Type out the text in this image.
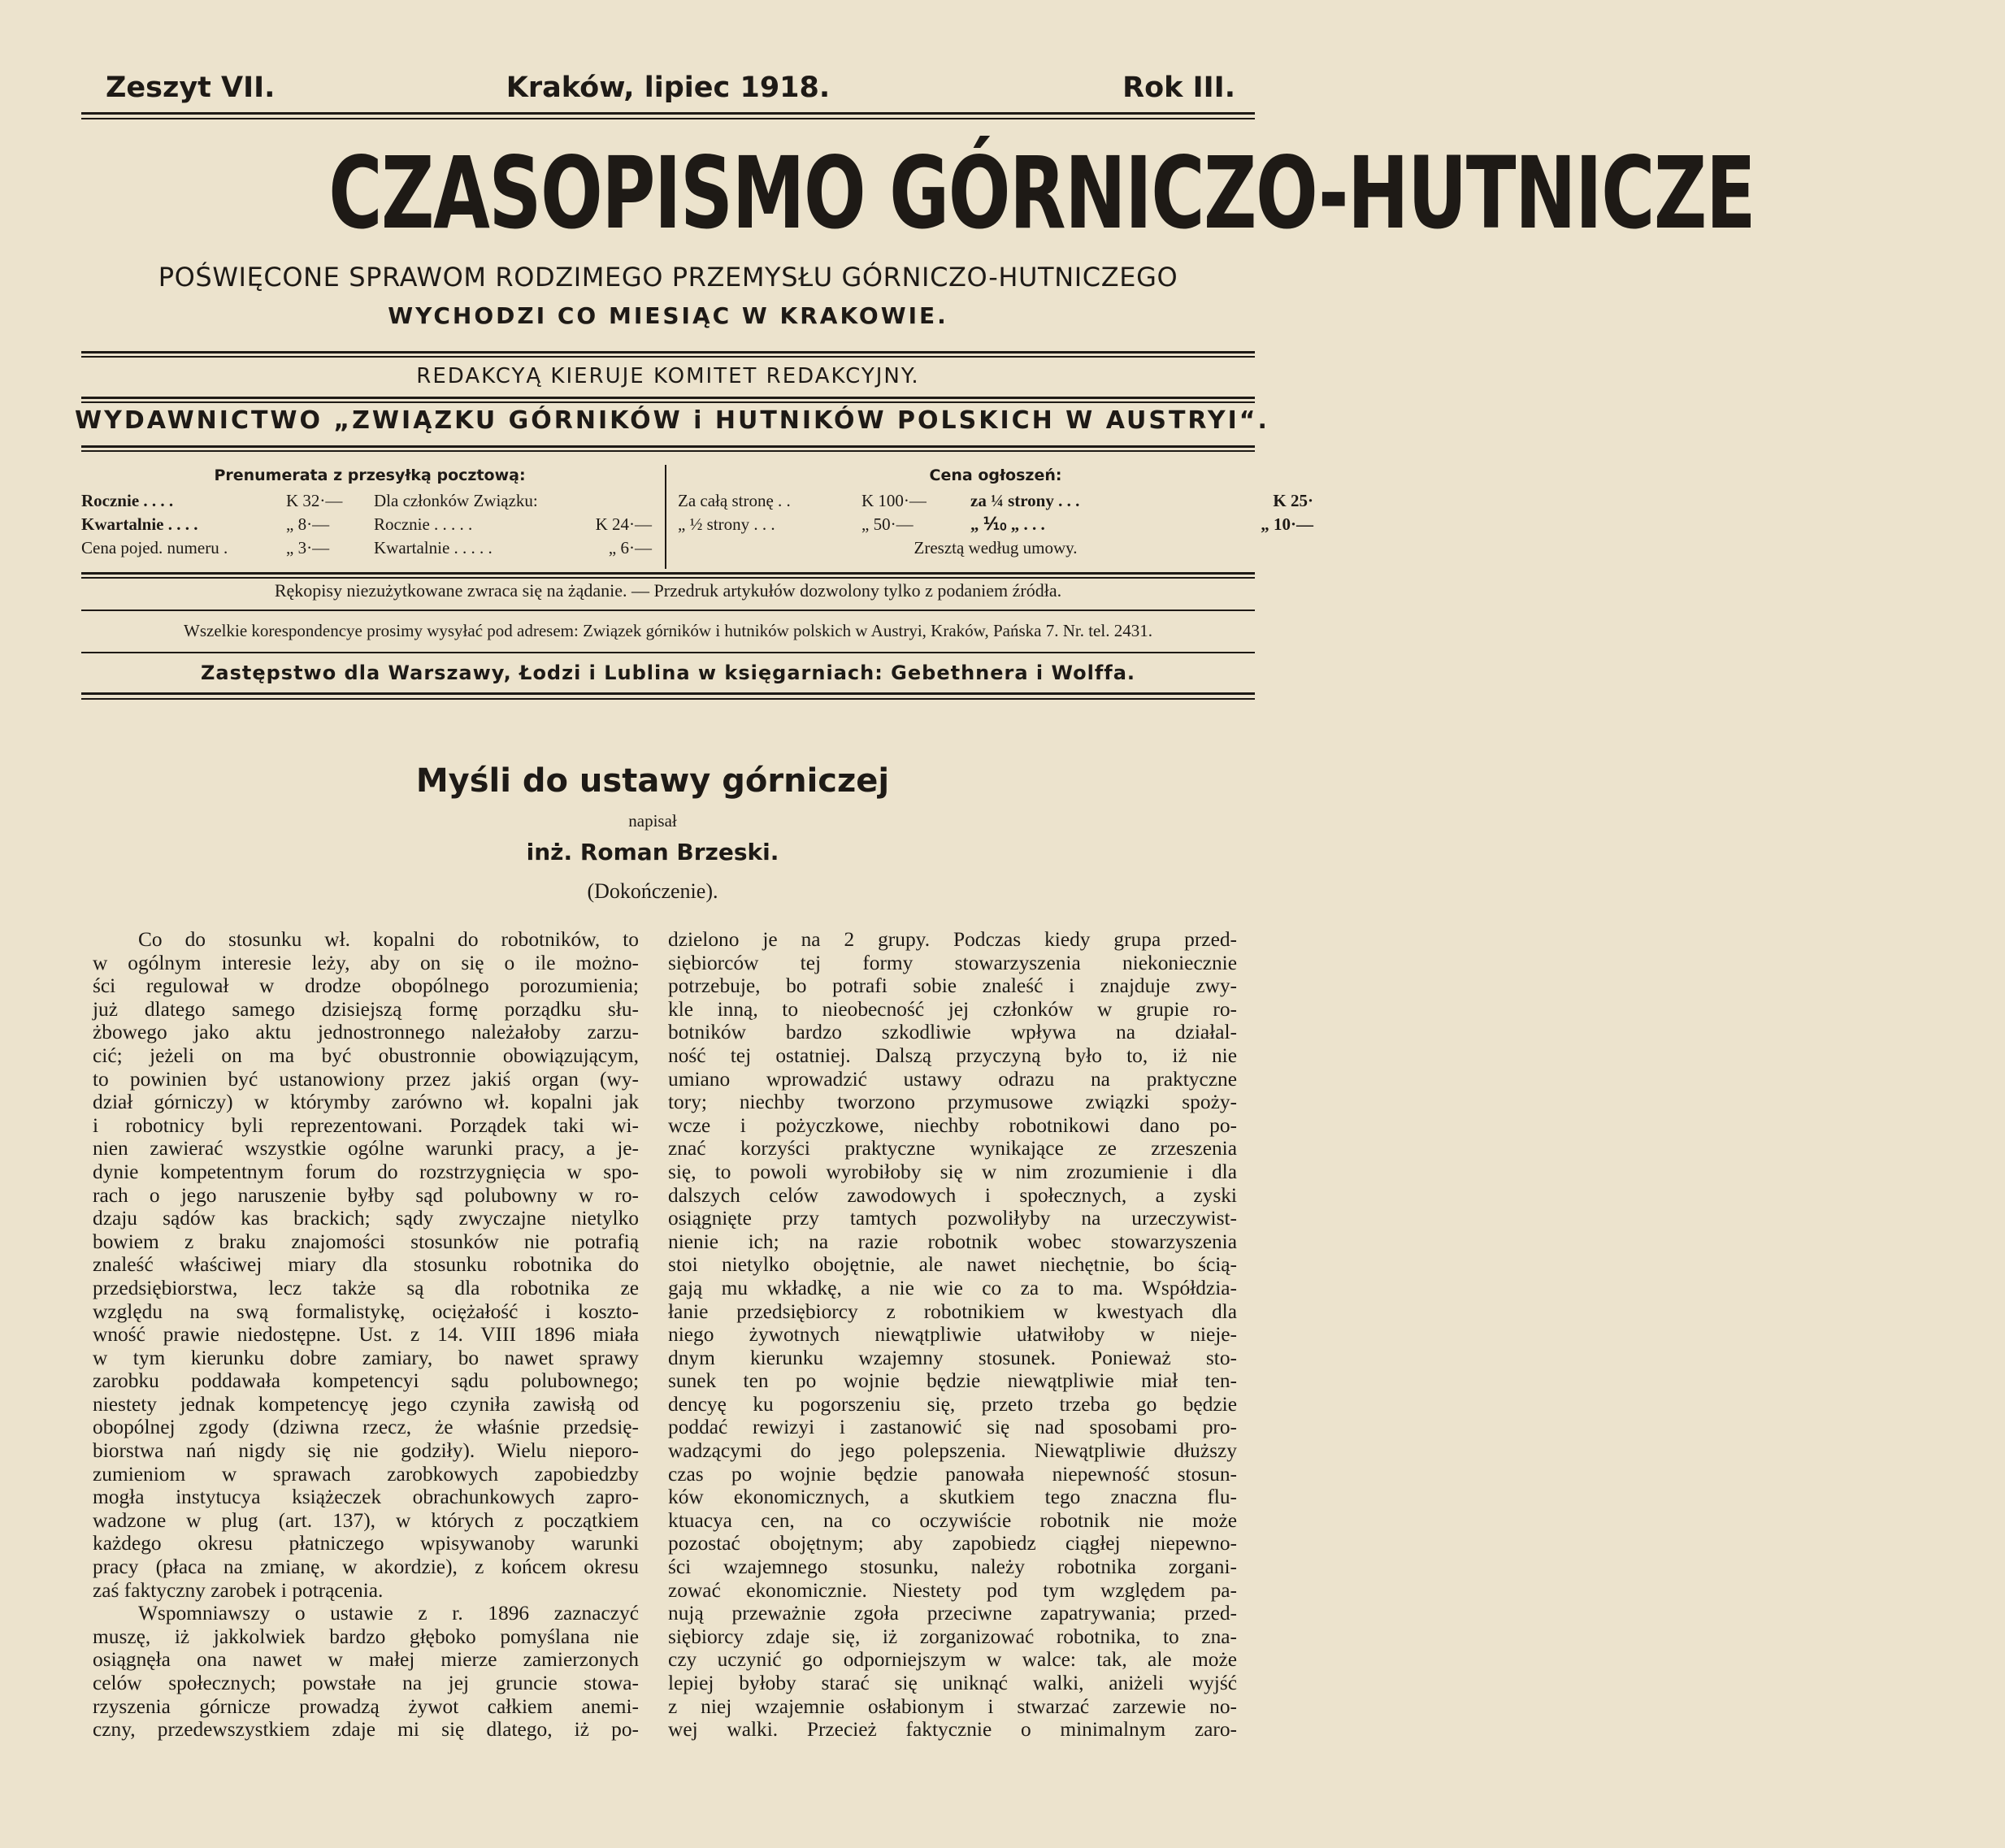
Zeszyt VII.	Kraków, lipiec 1918.	Rok III.
CZASOPISMO GÓRNICZO-HUTNICZE
POŚWIĘCONE SPRAWOM RODZIMEGO PRZEMYSŁU GÓRNICZO-HUTNICZEGO
WYCHODZI CO MIESIĄC W KRAKOWIE.
REDAKCYĄ KIERUJE KOMITET REDAKCYJNY.
WYDAWNICTWO „ZWIĄZKU GÓRNIKÓW i HUTNIKÓW POLSKICH W AUSTRYI“.
Prenumerata z przesyłką pocztową:
Rocznie . . . .	K 32·— Dla członków Związku:
Kwartalnie . . . .	„ 8·—	Rocznie . . . . .	K 24·—
Cena pojed. numeru .	„ 3·—	Kwartalnie . . . . .	„ 6·—
Cena ogłoszeń:
Za całą stronę . .	K 100·—	za ¼ strony . . .	K 25·
„ ½ strony . . .	„ 50·—	„ ⅒ „ . . .	„ 10·—
Zresztą według umowy.
Rękopisy niezużytkowane zwraca się na żądanie. — Przedruk artykułów dozwolony tylko z podaniem źródła.
Wszelkie korespondencye prosimy wysyłać pod adresem: Związek górników i hutników polskich w Austryi, Kraków, Pańska 7. Nr. tel. 2431.
Zastępstwo dla Warszawy, Łodzi i Lublina w księgarniach: Gebethnera i Wolffa.
Myśli do ustawy górniczej
napisał
inż. Roman Brzeski.
(Dokończenie).
Co do stosunku wł. kopalni do robotników, to
w ogólnym interesie leży, aby on się o ile możno-
ści regulował w drodze obopólnego porozumienia;
już dlatego samego dzisiejszą formę porządku słu-
żbowego jako aktu jednostronnego należałoby zarzu-
cić; jeżeli on ma być obustronnie obowiązującym,
to powinien być ustanowiony przez jakiś organ (wy-
dział górniczy) w którymby zarówno wł. kopalni jak
i robotnicy byli reprezentowani. Porządek taki wi-
nien zawierać wszystkie ogólne warunki pracy, a je-
dynie kompetentnym forum do rozstrzygnięcia w spo-
rach o jego naruszenie byłby sąd polubowny w ro-
dzaju sądów kas brackich; sądy zwyczajne nietylko
bowiem z braku znajomości stosunków nie potrafią
znaleść właściwej miary dla stosunku robotnika do
przedsiębiorstwa, lecz także są dla robotnika ze
względu na swą formalistykę, ociężałość i koszto-
wność prawie niedostępne. Ust. z 14. VIII 1896 miała
w tym kierunku dobre zamiary, bo nawet sprawy
zarobku poddawała kompetencyi sądu polubownego;
niestety jednak kompetencyę jego czyniła zawisłą od
obopólnej zgody (dziwna rzecz, że właśnie przedsię-
biorstwa nań nigdy się nie godziły). Wielu nieporo-
zumieniom w sprawach zarobkowych zapobiedzby
mogła instytucya książeczek obrachunkowych zapro-
wadzone w plug (art. 137), w których z początkiem
każdego okresu płatniczego wpisywanoby warunki
pracy (płaca na zmianę, w akordzie), z końcem okresu
zaś faktyczny zarobek i potrącenia.
Wspomniawszy o ustawie z r. 1896 zaznaczyć
muszę, iż jakkolwiek bardzo głęboko pomyślana nie
osiągnęła ona nawet w małej mierze zamierzonych
celów społecznych; powstałe na jej gruncie stowa-
rzyszenia górnicze prowadzą żywot całkiem anemi-
czny, przedewszystkiem zdaje mi się dlatego, iż po-
dzielono je na 2 grupy. Podczas kiedy grupa przed-
siębiorców tej formy stowarzyszenia niekoniecznie
potrzebuje, bo potrafi sobie znaleść i znajduje zwy-
kle inną, to nieobecność jej członków w grupie ro-
botników bardzo szkodliwie wpływa na działal-
ność tej ostatniej. Dalszą przyczyną było to, iż nie
umiano wprowadzić ustawy odrazu na praktyczne
tory; niechby tworzono przymusowe związki spoży-
wcze i pożyczkowe, niechby robotnikowi dano po-
znać korzyści praktyczne wynikające ze zrzeszenia
się, to powoli wyrobiłoby się w nim zrozumienie i dla
dalszych celów zawodowych i społecznych, a zyski
osiągnięte przy tamtych pozwoliłyby na urzeczywist-
nienie ich; na razie robotnik wobec stowarzyszenia
stoi nietylko obojętnie, ale nawet niechętnie, bo ścią-
gają mu wkładkę, a nie wie co za to ma. Współdzia-
łanie przedsiębiorcy z robotnikiem w kwestyach dla
niego żywotnych niewątpliwie ułatwiłoby w nieje-
dnym kierunku wzajemny stosunek. Ponieważ sto-
sunek ten po wojnie będzie niewątpliwie miał ten-
dencyę ku pogorszeniu się, przeto trzeba go będzie
poddać rewizyi i zastanowić się nad sposobami pro-
wadzącymi do jego polepszenia. Niewątpliwie dłuższy
czas po wojnie będzie panowała niepewność stosun-
ków ekonomicznych, a skutkiem tego znaczna flu-
ktuacya cen, na co oczywiście robotnik nie może
pozostać obojętnym; aby zapobiedz ciągłej niepewno-
ści wzajemnego stosunku, należy robotnika zorgani-
zować ekonomicznie. Niestety pod tym względem pa-
nują przeważnie zgoła przeciwne zapatrywania; przed-
siębiorcy zdaje się, iż zorganizować robotnika, to zna-
czy uczynić go odporniejszym w walce: tak, ale może
lepiej byłoby starać się uniknąć walki, aniżeli wyjść
z niej wzajemnie osłabionym i stwarzać zarzewie no-
wej walki. Przecież faktycznie o minimalnym zaro-
